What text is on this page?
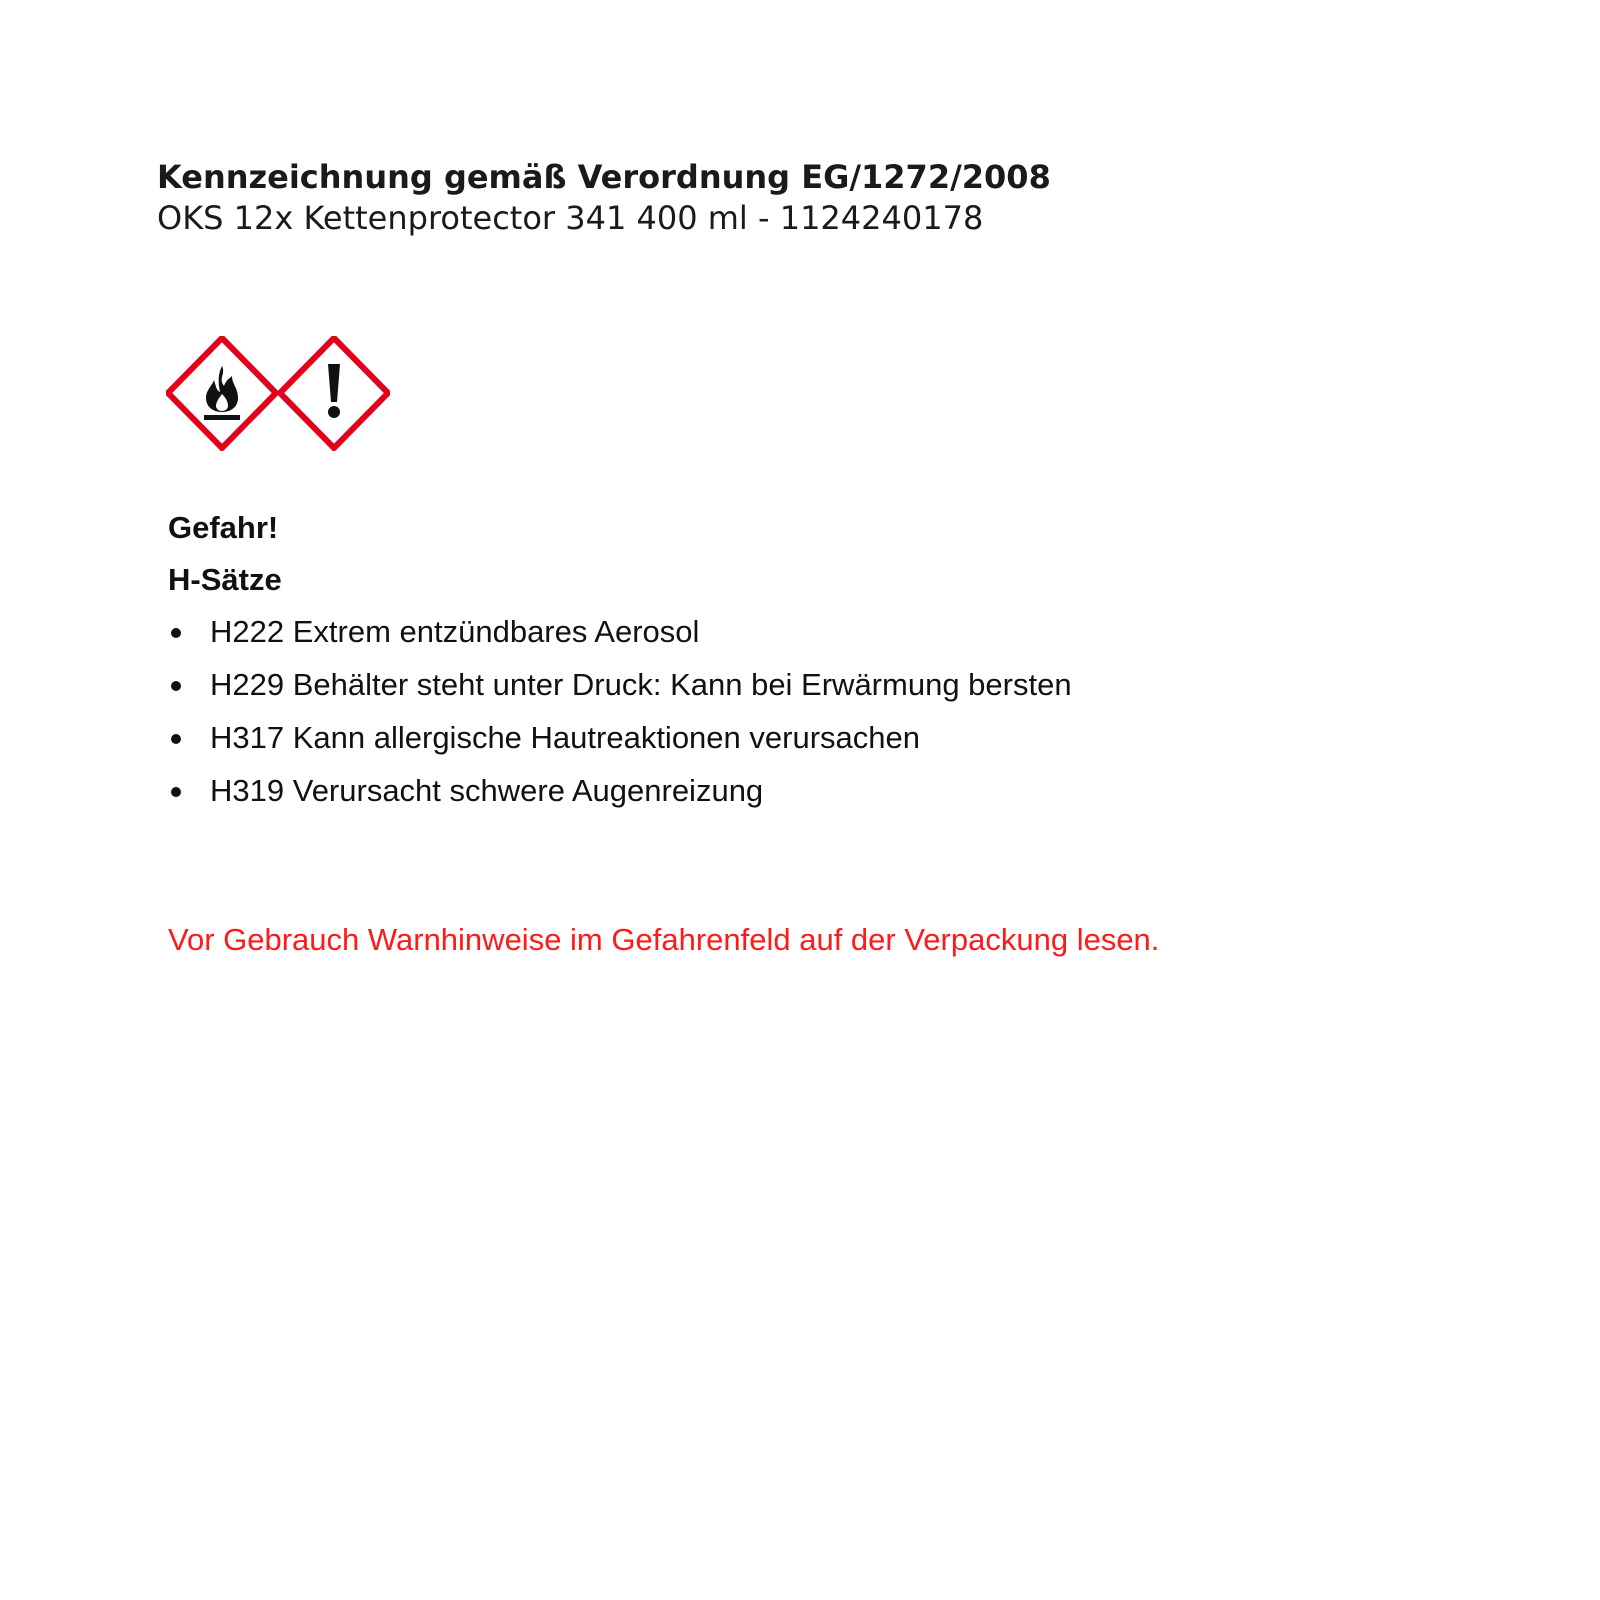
Kennzeichnung gemäß Verordnung EG/1272/2008
OKS 12x Kettenprotector 341 400 ml - 1124240178
Gefahr!
H-Sätze
H222 Extrem entzündbares Aerosol
H229 Behälter steht unter Druck: Kann bei Erwärmung bersten
H317 Kann allergische Hautreaktionen verursachen
H319 Verursacht schwere Augenreizung
Vor Gebrauch Warnhinweise im Gefahrenfeld auf der Verpackung lesen.
